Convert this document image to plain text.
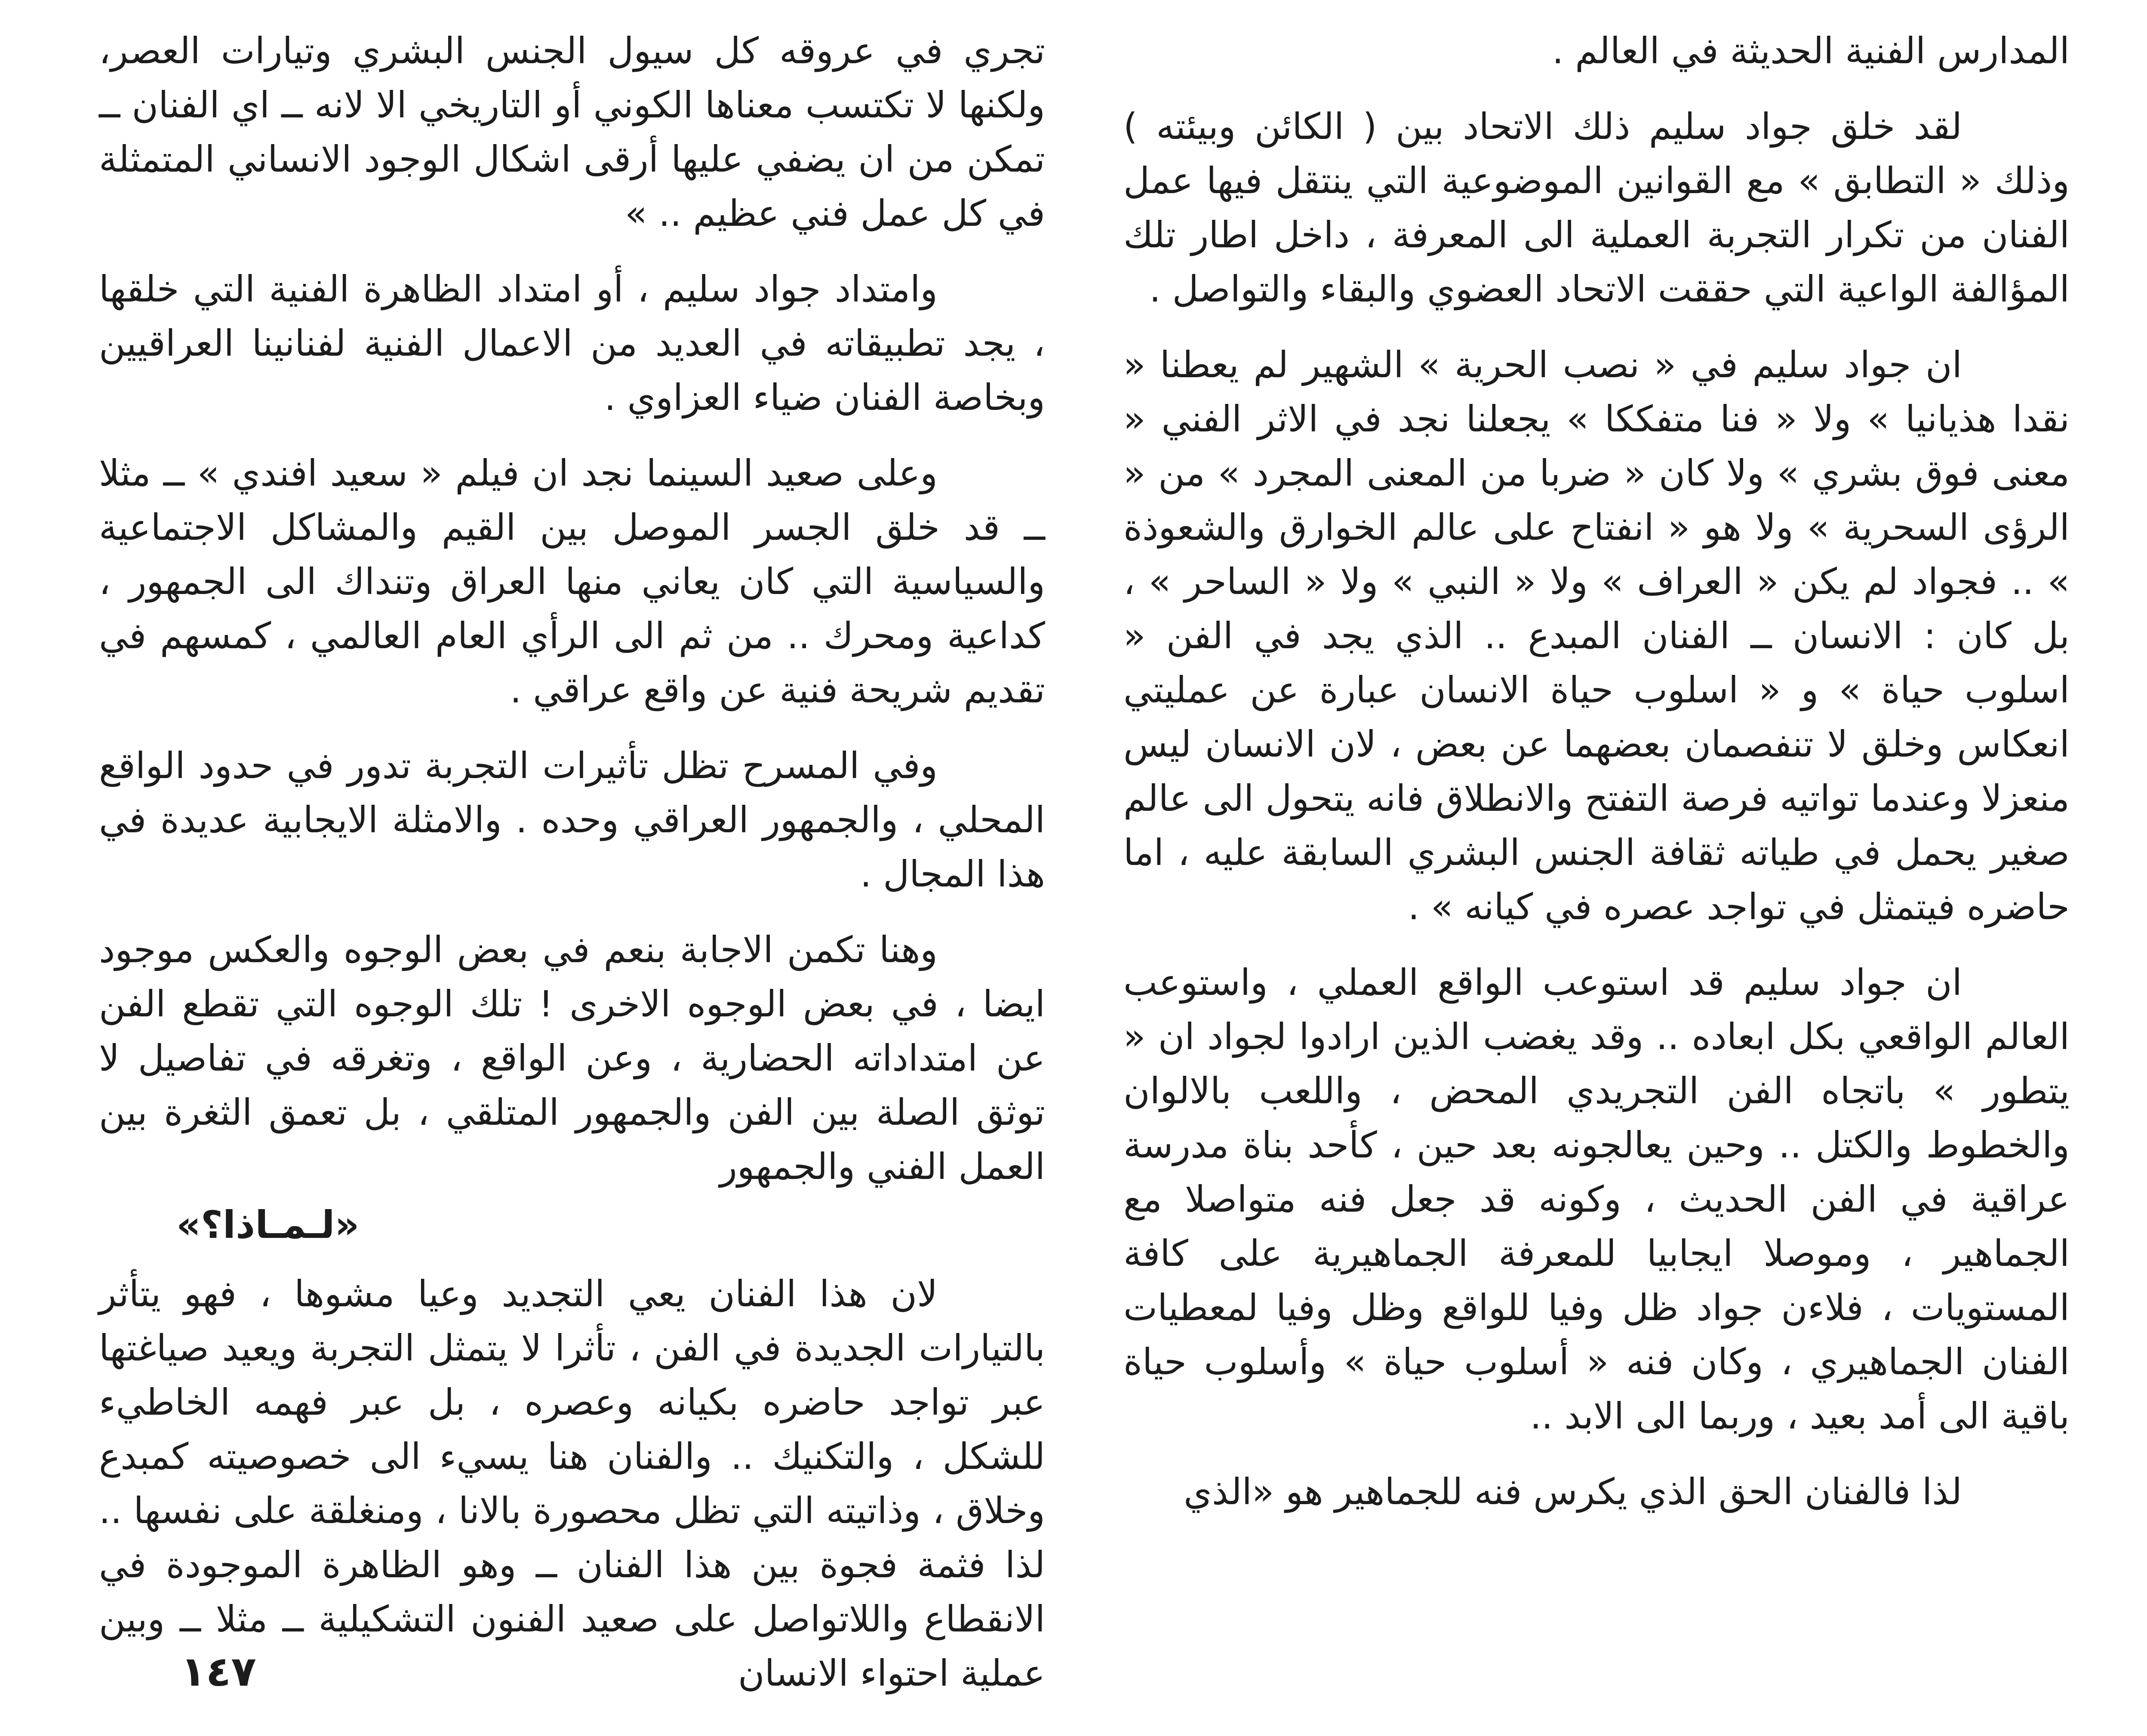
المدارس الفنية الحديثة في العالم .

لقد خلق جواد سليم ذلك الاتحاد بين ( الكائن وبيئته ) وذلك « التطابق » مع القوانين الموضوعية التي ينتقل فيها عمل الفنان من تكرار التجربة العملية الى المعرفة ، داخل اطار تلك المؤالفة الواعية التي حققت الاتحاد العضوي والبقاء والتواصل .

ان جواد سليم في « نصب الحرية » الشهير لم يعطنا « نقدا هذيانيا » ولا « فنا متفككا » يجعلنا نجد في الاثر الفني « معنى فوق بشري » ولا كان « ضربا من المعنى المجرد » من « الرؤى السحرية » ولا هو « انفتاح على عالم الخوارق والشعوذة » .. فجواد لم يكن « العراف » ولا « النبي » ولا « الساحر » ، بل كان : الانسان ــ الفنان المبدع .. الذي يجد في الفن « اسلوب حياة » و « اسلوب حياة الانسان عبارة عن عمليتي انعكاس وخلق لا تنفصمان بعضهما عن بعض ، لان الانسان ليس منعزلا وعندما تواتيه فرصة التفتح والانطلاق فانه يتحول الى عالم صغير يحمل في طياته ثقافة الجنس البشري السابقة عليه ، اما حاضره فيتمثل في تواجد عصره في كيانه » .

ان جواد سليم قد استوعب الواقع العملي ، واستوعب العالم الواقعي بكل ابعاده .. وقد يغضب الذين ارادوا لجواد ان « يتطور » باتجاه الفن التجريدي المحض ، واللعب بالالوان والخطوط والكتل .. وحين يعالجونه بعد حين ، كأحد بناة مدرسة عراقية في الفن الحديث ، وكونه قد جعل فنه متواصلا مع الجماهير ، وموصلا ايجابيا للمعرفة الجماهيرية على كافة المستويات ، فلاءن جواد ظل وفيا للواقع وظل وفيا لمعطيات الفنان الجماهيري ، وكان فنه « أسلوب حياة » وأسلوب حياة باقية الى أمد بعيد ، وربما الى الابد ..

لذا فالفنان الحق الذي يكرس فنه للجماهير هو «الذي

تجري في عروقه كل سيول الجنس البشري وتيارات العصر، ولكنها لا تكتسب معناها الكوني أو التاريخي الا لانه ــ اي الفنان ــ تمكن من ان يضفي عليها أرقى اشكال الوجود الانساني المتمثلة في كل عمل فني عظيم .. »

وامتداد جواد سليم ، أو امتداد الظاهرة الفنية التي خلقها ، يجد تطبيقاته في العديد من الاعمال الفنية لفنانينا العراقيين وبخاصة الفنان ضياء العزاوي .

وعلى صعيد السينما نجد ان فيلم « سعيد افندي » ــ مثلا ــ قد خلق الجسر الموصل بين القيم والمشاكل الاجتماعية والسياسية التي كان يعاني منها العراق وتنداك الى الجمهور ، كداعية ومحرك .. من ثم الى الرأي العام العالمي ، كمسهم في تقديم شريحة فنية عن واقع عراقي .

وفي المسرح تظل تأثيرات التجربة تدور في حدود الواقع المحلي ، والجمهور العراقي وحده . والامثلة الايجابية عديدة في هذا المجال .

وهنا تكمن الاجابة بنعم في بعض الوجوه والعكس موجود ايضا ، في بعض الوجوه الاخرى ! تلك الوجوه التي تقطع الفن عن امتداداته الحضارية ، وعن الواقع ، وتغرقه في تفاصيل لا توثق الصلة بين الفن والجمهور المتلقي ، بل تعمق الثغرة بين العمل الفني والجمهور

«لـمـاذا؟»

لان هذا الفنان يعي التجديد وعيا مشوها ، فهو يتأثر بالتيارات الجديدة في الفن ، تأثرا لا يتمثل التجربة ويعيد صياغتها عبر تواجد حاضره بكيانه وعصره ، بل عبر فهمه الخاطيء للشكل ، والتكنيك .. والفنان هنا يسيء الى خصوصيته كمبدع وخلاق ، وذاتيته التي تظل محصورة بالانا ، ومنغلقة على نفسها .. لذا فثمة فجوة بين هذا الفنان ــ وهو الظاهرة الموجودة في الانقطاع واللاتواصل على صعيد الفنون التشكيلية ــ مثلا ــ وبين عملية احتواء الانسان

١٤٧
